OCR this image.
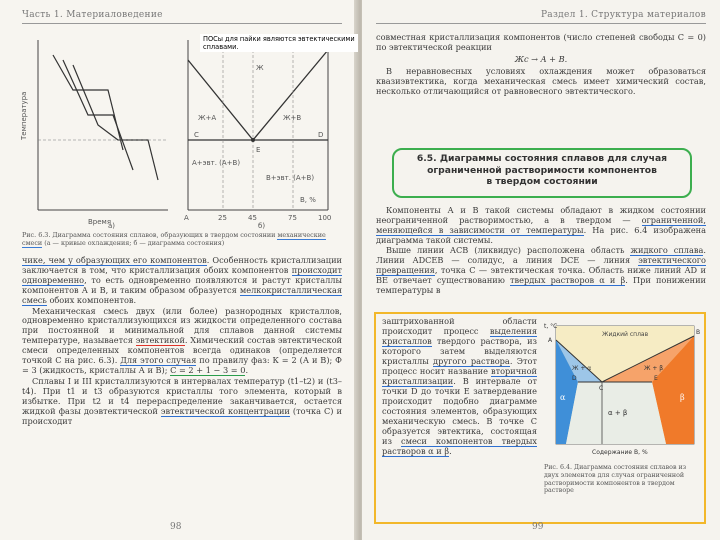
Часть 1. Материаловедение
ПОСы для пайки являются эвтектическими сплавами.
Температура
Время
а)
Ж
Ж+A	Ж+B
A+эвт. (A+B)
B+эвт. (A+B)
C
E
D
A	25	45	75	100
B, %
б)
Рис. 6.3. Диаграмма состояния сплавов, образующих в твердом состоянии механические смеси (а — кривые охлаждения; б — диаграмма состояния)

чике, чем у образующих его компонентов. Особенность кристаллизации заключается в том, что кристаллизация обоих компонентов происходит одновременно, то есть одновременно появляются и растут кристаллы компонентов А и В, и таким образом образуется мелкокристаллическая смесь обоих компонентов.

Механическая смесь двух (или более) разнородных кристаллов, одновременно кристаллизующихся из жидкости определенного состава при постоянной и минимальной для сплавов данной системы температуре, называется эвтектикой. Химический состав эвтектической смеси определенных компонентов всегда одинаков (определяется точкой С на рис. 6.3). Для этого случая по правилу фаз: К = 2 (А и В); Ф = 3 (жидкость, кристаллы А и В); С = 2 + 1 − 3 = 0.

Сплавы I и III кристаллизуются в интервалах температур (t1–t2) и (t3–t4). При t1 и t3 образуются кристаллы того элемента, который в избытке. При t2 и t4 перераспределение заканчивается, остается жидкой фазы доэвтектической эвтектической концентрации (точка С) и происходит

98
Раздел 1. Структура материалов

совместная кристаллизация компонентов (число степеней свободы С = 0) по эвтектической реакции

Жс → A + B.

В неравновесных условиях охлаждения может образоваться квазиэвтектика, когда механическая смесь имеет химический состав, несколько отличающийся от равновесного эвтектического.

6.5. Диаграммы состояния сплавов для случая
ограниченной растворимости компонентов
в твердом состоянии

Компоненты А и В такой системы обладают в жидком состоянии неограниченной растворимостью, а в твердом — ограниченной, меняющейся в зависимости от температуры. На рис. 6.4 изображена диаграмма такой системы.

Выше линии ACB (ликвидус) расположена область жидкого сплава. Линии ADCEB — солидус, а линия DCE — линия эвтектического превращения, точка С — эвтектическая точка. Область ниже линий AD и BE отвечает существованию твердых растворов α и β. При понижении температуры в

заштрихованной области происходит процесс выделения кристаллов твердого раствора, из которого затем выделяются кристаллы другого раствора. Этот процесс носит название вторичной кристаллизации. В интервале от точки D до точки E затвердевание происходит подобно диаграмме состояния элементов, образующих механическую смесь. В точке С образуется эвтектика, состоящая из смеси компонентов твердых растворов α и β.
Жидкий сплав
α	β
Ж + α	Ж + β
α + β
A
B
C
D	E
t, °C
Содержание B, %
Рис. 6.4. Диаграмма состояния сплавов из двух элементов для случая ограниченной растворимости компонентов в твердом растворе
99
